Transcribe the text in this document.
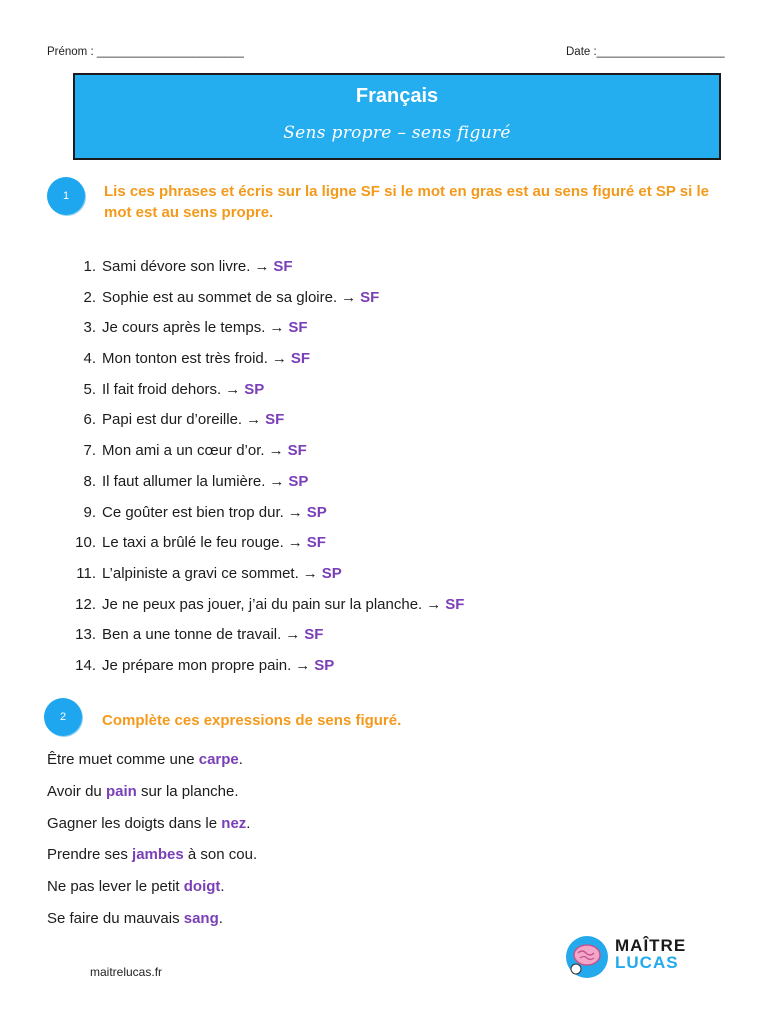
Prénom : _______________________	Date :____________________
Français
Sens propre – sens figuré
1	Lis ces phrases et écris sur la ligne SF si le mot en gras est au sens figuré et SP si le mot est au sens propre.
1. Sami dévore son livre. → SF
2. Sophie est au sommet de sa gloire. → SF
3. Je cours après le temps. → SF
4. Mon tonton est très froid. → SF
5. Il fait froid dehors. → SP
6. Papi est dur d’oreille. → SF
7. Mon ami a un cœur d’or. → SF
8. Il faut allumer la lumière. → SP
9. Ce goûter est bien trop dur. → SP
10. Le taxi a brûlé le feu rouge. → SF
11. L’alpiniste a gravi ce sommet. → SP
12. Je ne peux pas jouer, j’ai du pain sur la planche. → SF
13. Ben a une tonne de travail. → SF
14. Je prépare mon propre pain. → SP
2	Complète ces expressions de sens figuré.
Être muet comme une carpe.
Avoir du pain sur la planche.
Gagner les doigts dans le nez.
Prendre ses jambes à son cou.
Ne pas lever le petit doigt.
Se faire du mauvais sang.
maitrelucas.fr
MAÎTRE
LUCAS
